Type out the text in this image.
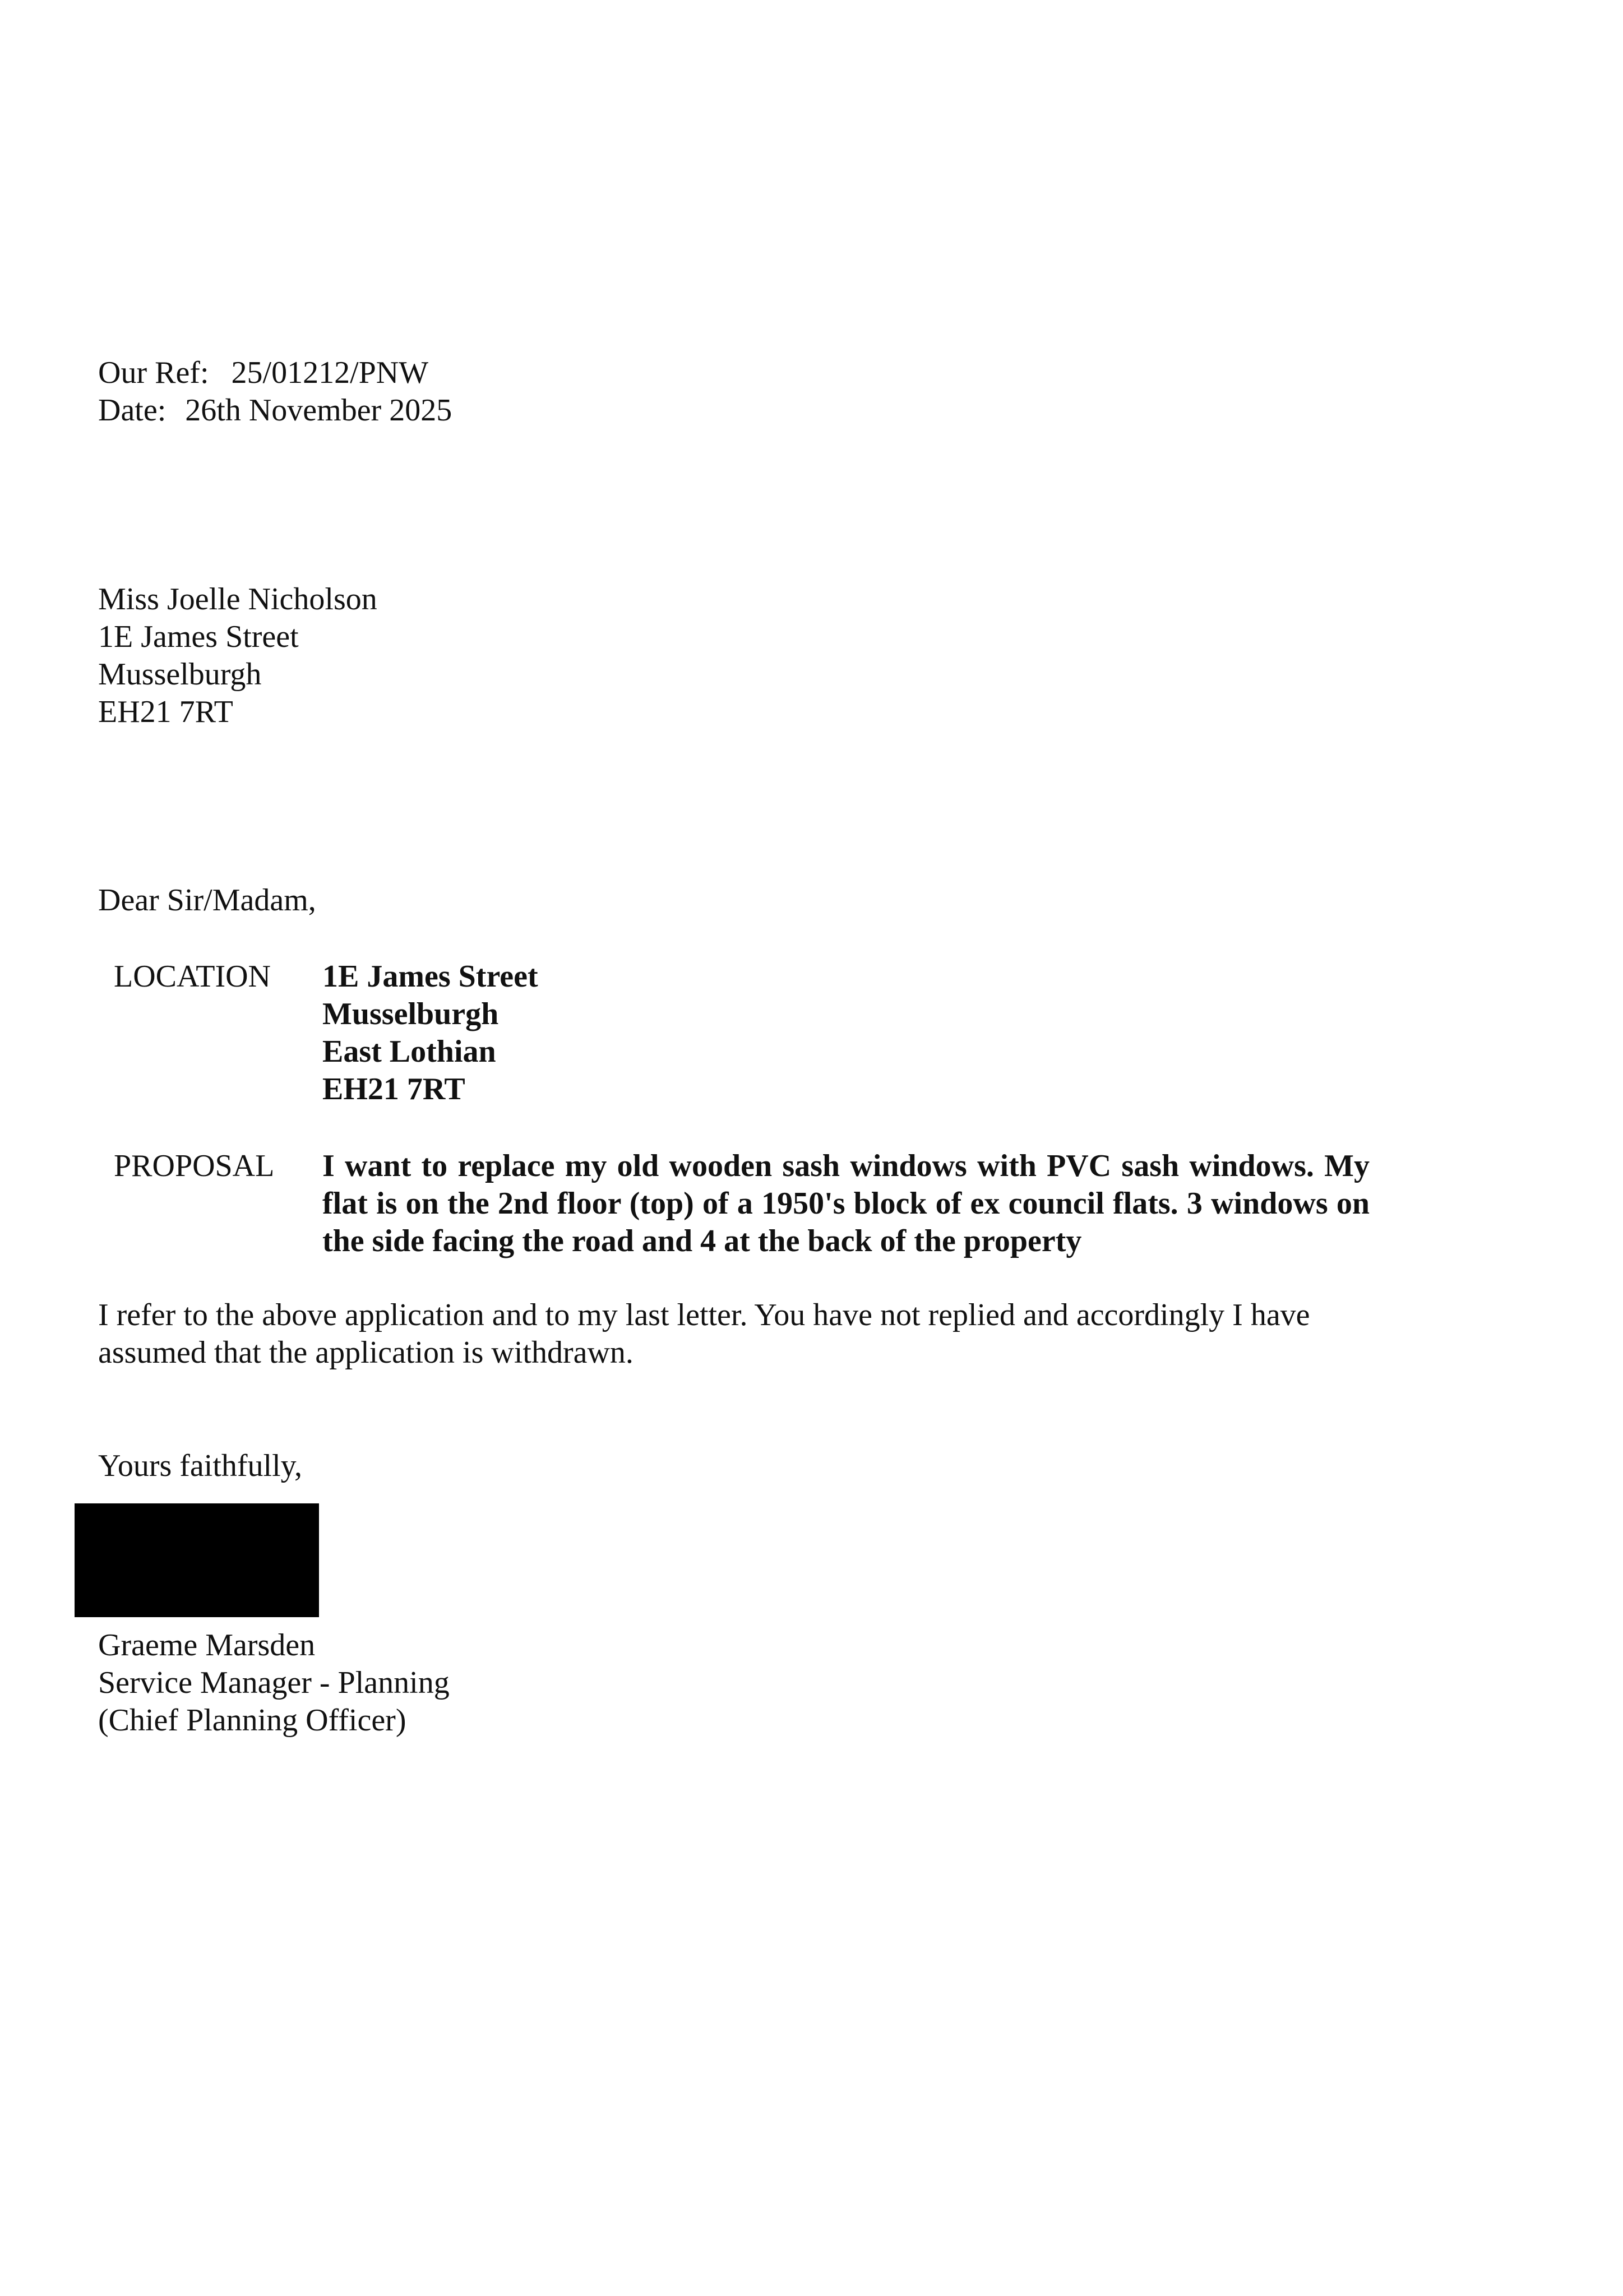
Our Ref: 25/01212/PNW
Date: 26th November 2025
Miss Joelle Nicholson
1E James Street
Musselburgh
EH21 7RT
Dear Sir/Madam,
LOCATION 1E James Street
Musselburgh
East Lothian
EH21 7RT
PROPOSAL I want to replace my old wooden sash windows with PVC sash windows. My flat is on the 2nd floor (top) of a 1950's block of ex council flats. 3 windows on the side facing the road and 4 at the back of the property
I refer to the above application and to my last letter. You have not replied and accordingly I have assumed that the application is withdrawn.
Yours faithfully,
Graeme Marsden
Service Manager - Planning
(Chief Planning Officer)
